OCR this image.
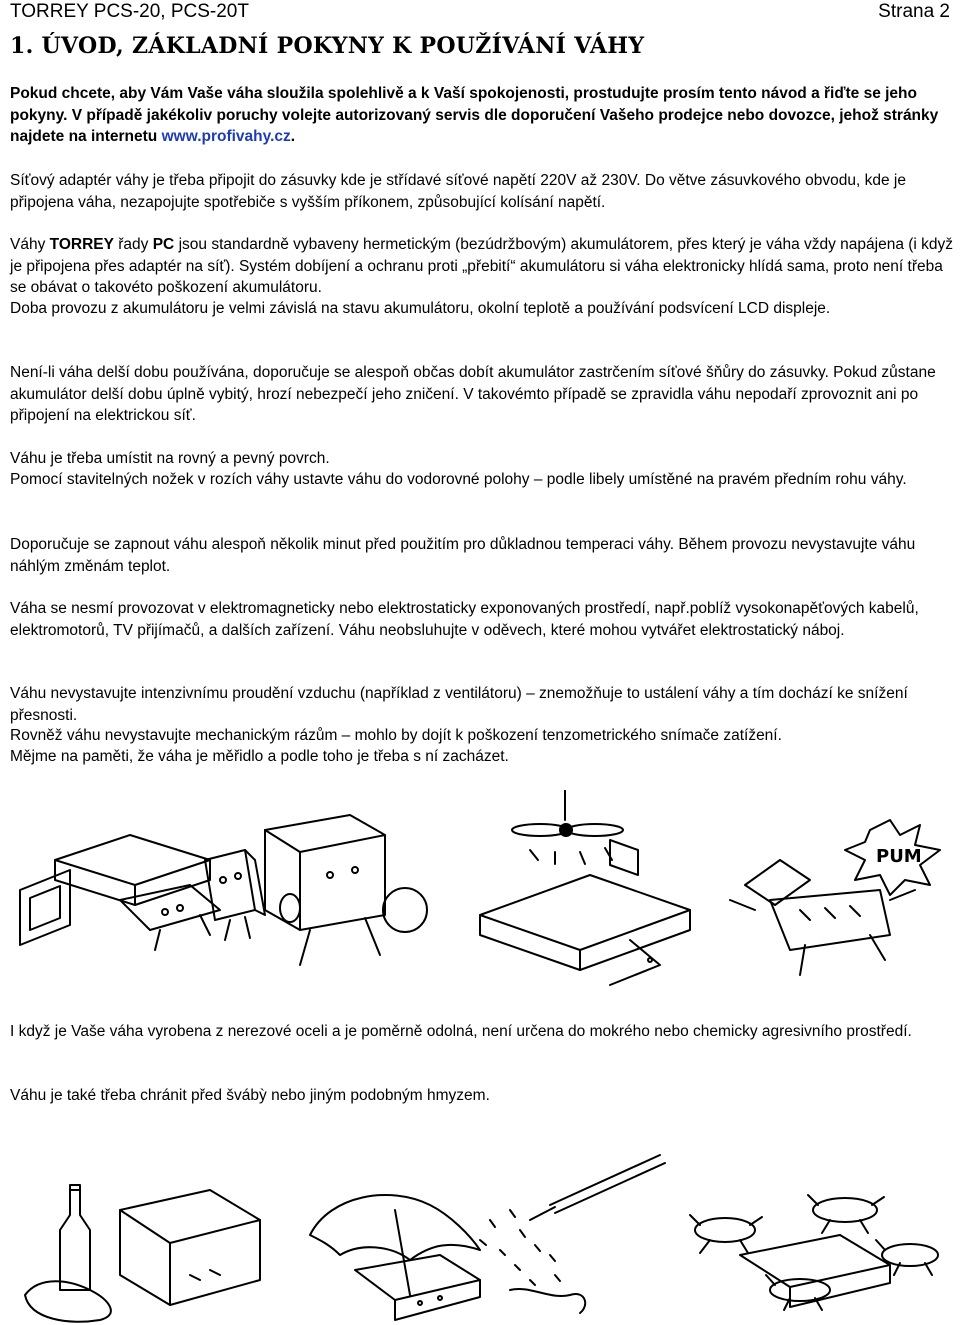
TORREY PCS-20, PCS-20T	Strana 2
1. ÚVOD, ZÁKLADNÍ POKYNY K POUŽÍVÁNÍ VÁHY
Pokud chcete, aby Vám Vaše váha sloužila spolehlivě a k Vaší spokojenosti, prostudujte prosím tento návod a řiďte se jeho pokyny. V případě jakékoliv poruchy volejte autorizovaný servis dle doporučení Vašeho prodejce nebo dovozce, jehož stránky najdete na internetu www.profivahy.cz.
Síťový adaptér váhy je třeba připojit do zásuvky kde je střídavé síťové napětí 220V až 230V. Do větve zásuvkového obvodu, kde je připojena váha, nezapojujte spotřebiče s vyšším příkonem, způsobující kolísání napětí.
Váhy TORREY řady PC jsou standardně vybaveny hermetickým (bezúdržbovým) akumulátorem, přes který je váha vždy napájena (i když je připojena přes adaptér na síť). Systém dobíjení a ochranu proti „přebití“ akumulátoru si váha elektronicky hlídá sama, proto není třeba se obávat o takovéto poškození akumulátoru.
Doba provozu z akumulátoru je velmi závislá na stavu akumulátoru, okolní teplotě a používání podsvícení LCD displeje.
Není-li váha delší dobu používána, doporučuje se alespoň občas dobít akumulátor zastrčením síťové šňůry do zásuvky. Pokud zůstane akumulátor delší dobu úplně vybitý, hrozí nebezpečí jeho zničení. V takovémto případě se zpravidla váhu nepodaří zprovoznit ani po připojení na elektrickou síť.
Váhu je třeba umístit na rovný a pevný povrch.
Pomocí stavitelných nožek v rozích váhy ustavte váhu do vodorovné polohy – podle libely umístěné na pravém předním rohu váhy.
Doporučuje se zapnout váhu alespoň několik minut před použitím pro důkladnou temperaci váhy. Během provozu nevystavujte váhu náhlým změnám teplot.
Váha se nesmí provozovat v elektromagneticky nebo elektrostaticky exponovaných prostředí, např.poblíž vysokonapěťových kabelů, elektromotorů, TV přijímačů, a dalších zařízení. Váhu neobsluhujte v oděvech, které mohou vytvářet elektrostatický náboj.
Váhu nevystavujte intenzivnímu proudění vzduchu (například z ventilátoru) – znemožňuje to ustálení váhy a tím dochází ke snížení přesnosti.
Rovněž váhu nevystavujte mechanickým rázům – mohlo by dojít k poškození tenzometrického snímače zatížení.
Mějme na paměti, že váha je měřidlo a podle toho je třeba s ní zacházet.
PUM
I když je Vaše váha vyrobena z nerezové oceli a je poměrně odolná, není určena do mokrého nebo chemicky agresivního prostředí.
Váhu je také třeba chránit před švábỳ nebo jiným podobným hmyzem.
